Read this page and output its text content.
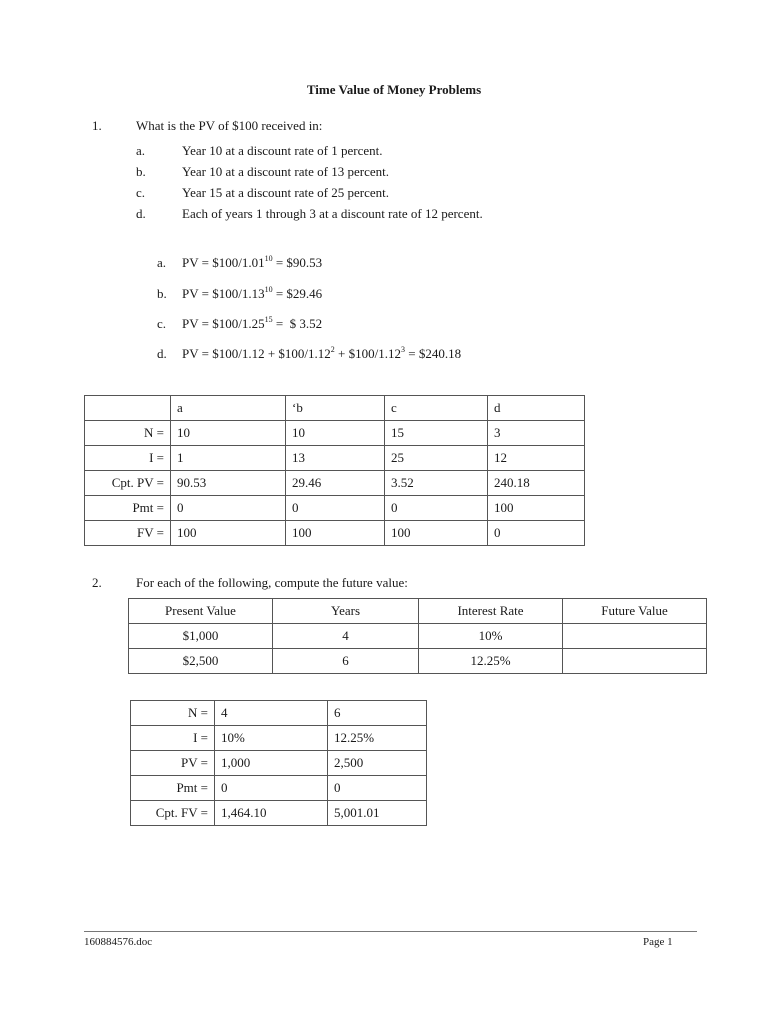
Time Value of Money Problems
1.	What is the PV of $100 received in:
a.	Year 10 at a discount rate of 1 percent.
b.	Year 10 at a discount rate of 13 percent.
c.	Year 15 at a discount rate of 25 percent.
d.	Each of years 1 through 3 at a discount rate of 12 percent.
a. PV = $\$100/1.01^{10}$ = $90.53
b. PV = $\$100/1.13^{10}$ = $29.46
c. PV = $\$100/1.25^{15}$ =  $ 3.52
d. PV = $100/1.12 + $\$100/1.12^2$ + $\$100/1.12^3$ = $240.18
	a	‘b	c	d
N =	10	10	15	3
I =	1	13	25	12
Cpt. PV =	90.53	29.46	3.52	240.18
Pmt =	0	0	0	100
FV =	100	100	100	0
2.	For each of the following, compute the future value:
Present Value	Years	Interest Rate	Future Value
$1,000	4	10%	
$2,500	6	12.25%	
N =	4	6
I =	10%	12.25%
PV =	1,000	2,500
Pmt =	0	0
Cpt. FV =	1,464.10	5,001.01
160884576.doc	Page 1
